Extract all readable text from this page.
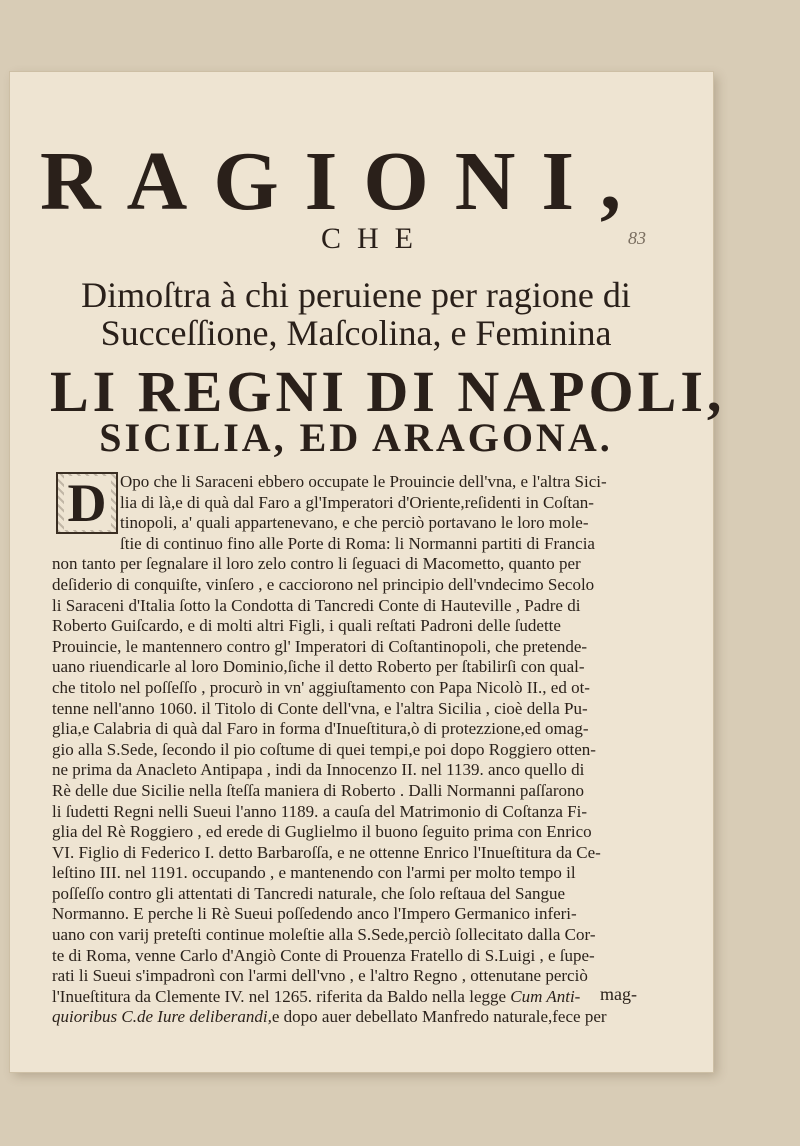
RAGIONI,

CHE	83

Dimoſtra à chi peruiene per ragione di

Succeſſione, Maſcolina, e Feminina

LI REGNI DI NAPOLI,
SICILIA, ED ARAGONA.
D Opo che li Saraceni ebbero occupate le Prouincie dell'vna, e l'altra Sici-
lia di là,e di quà dal Faro a gl'Imperatori d'Oriente,reſidenti in Coſtan-
tinopoli, a' quali appartenevano, e che perciò portavano le loro mole-
ſtie di continuo fino alle Porte di Roma: li Normanni partiti di Francia
non tanto per ſegnalare il loro zelo contro li ſeguaci di Macometto, quanto per
deſiderio di conquiſte, vinſero , e cacciorono nel principio dell'vndecimo Secolo
li Saraceni d'Italia ſotto la Condotta di Tancredi Conte di Hauteville , Padre di
Roberto Guiſcardo, e di molti altri Figli, i quali reſtati Padroni delle ſudette
Prouincie, le mantennero contro gl' Imperatori di Coſtantinopoli, che pretende-
uano riuendicarle al loro Dominio,ſiche il detto Roberto per ſtabilirſi con qual-
che titolo nel poſſeſſo , procurò in vn' aggiuſtamento con Papa Nicolò II., ed ot-
tenne nell'anno 1060. il Titolo di Conte dell'vna, e l'altra Sicilia , cioè della Pu-
glia,e Calabria di quà dal Faro in forma d'Inueſtitura,ò di protezzione,ed omag-
gio alla S.Sede, ſecondo il pio coſtume di quei tempi,e poi dopo Roggiero otten-
ne prima da Anacleto Antipapa , indi da Innocenzo II. nel 1139. anco quello di
Rè delle due Sicilie nella ſteſſa maniera di Roberto . Dalli Normanni paſſarono
li ſudetti Regni nelli Sueui l'anno 1189. a cauſa del Matrimonio di Coſtanza Fi-
glia del Rè Roggiero , ed erede di Guglielmo il buono ſeguito prima con Enrico
VI. Figlio di Federico I. detto Barbaroſſa, e ne ottenne Enrico l'Inueſtitura da Ce-
leſtino III. nel 1191. occupando , e mantenendo con l'armi per molto tempo il
poſſeſſo contro gli attentati di Tancredi naturale, che ſolo reſtaua del Sangue
Normanno. E perche li Rè Sueui poſſedendo anco l'Impero Germanico inferi-
uano con varij preteſti continue moleſtie alla S.Sede,perciò ſollecitato dalla Cor-
te di Roma, venne Carlo d'Angiò Conte di Prouenza Fratello di S.Luigi , e ſupe-
rati li Sueui s'impadronì con l'armi dell'vno , e l'altro Regno , ottenutane perciò
l'Inueſtitura da Clemente IV. nel 1265. riferita da Baldo nella legge Cum Anti-
quioribus C.de Iure deliberandi,e dopo auer debellato Manfredo naturale,fece per
mag-
